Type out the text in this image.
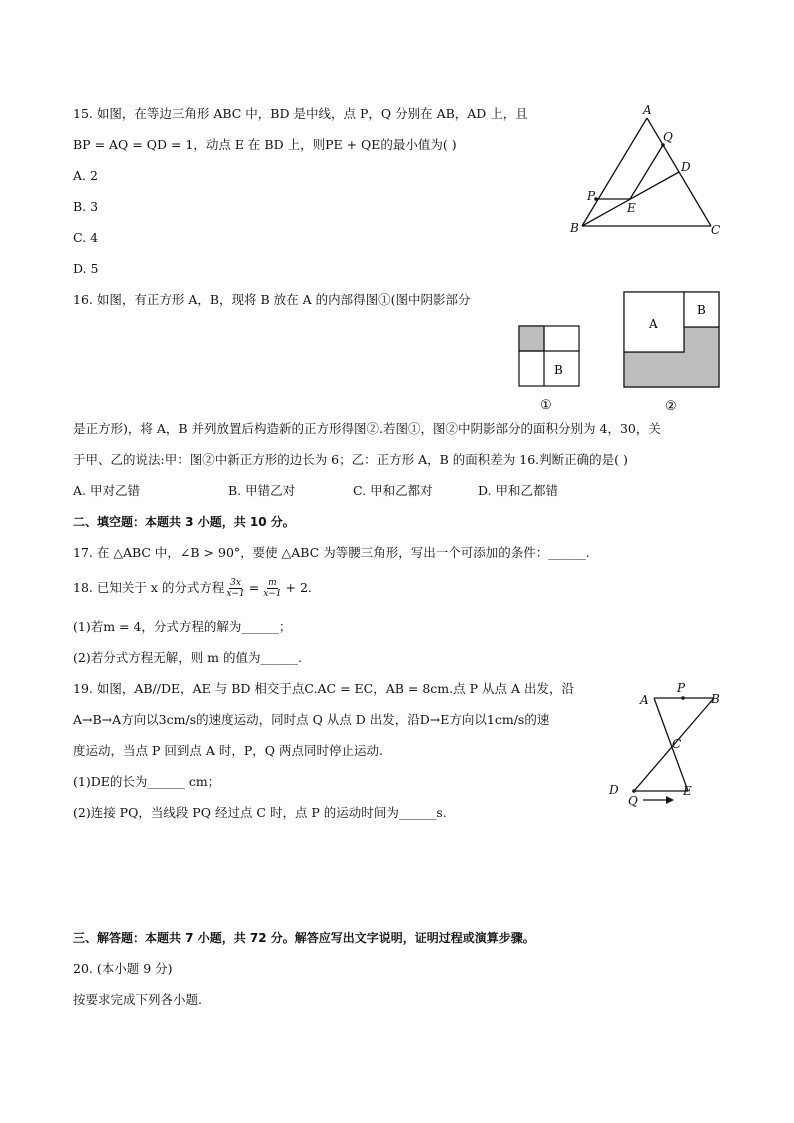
15. 如图，在等边三角形 ABC 中，BD 是中线，点 P，Q 分别在 AB，AD 上，且
BP = AQ = QD = 1，动点 E 在 BD 上，则PE + QE的最小值为( )
A. 2
B. 3
C. 4
D. 5
A
Q
D
P
E
B	C
16. 如图，有正方形 A，B，现将 B 放在 A 的内部得图①(图中阴影部分
B
①
A
B
②
是正方形)，将 A，B 并列放置后构造新的正方形得图②.若图①，图②中阴影部分的面积分别为 4，30，关
于甲、乙的说法:甲：图②中新正方形的边长为 6；乙：正方形 A，B 的面积差为 16.判断正确的是( )
A. 甲对乙错	B. 甲错乙对	C. 甲和乙都对	D. 甲和乙都错
二、填空题：本题共 3 小题，共 10 分。
17. 在 △ABC 中，∠B > 90°，要使 △ABC 为等腰三角形，写出一个可添加的条件：______.
18. 已知关于 x 的分式方程 $\frac{3x}{x-1} = \frac{m}{x-1} + 2$.
(1)若m = 4，分式方程的解为______；
(2)若分式方程无解，则 m 的值为______.
19. 如图，AB//DE，AE 与 BD 相交于点C.AC = EC，AB = 8cm.点 P 从点 A 出发，沿
A→B→A方向以3cm/s的速度运动，同时点 Q 从点 D 出发，沿D→E方向以1cm/s的速
度运动，当点 P 回到点 A 时，P，Q 两点同时停止运动.
(1)DE的长为______ cm；
(2)连接 PQ，当线段 PQ 经过点 C 时，点 P 的运动时间为______s.
A
P
B
C
D
Q
E
三、解答题：本题共 7 小题，共 72 分。解答应写出文字说明，证明过程或演算步骤。
20. (本小题 9 分)
按要求完成下列各小题.
